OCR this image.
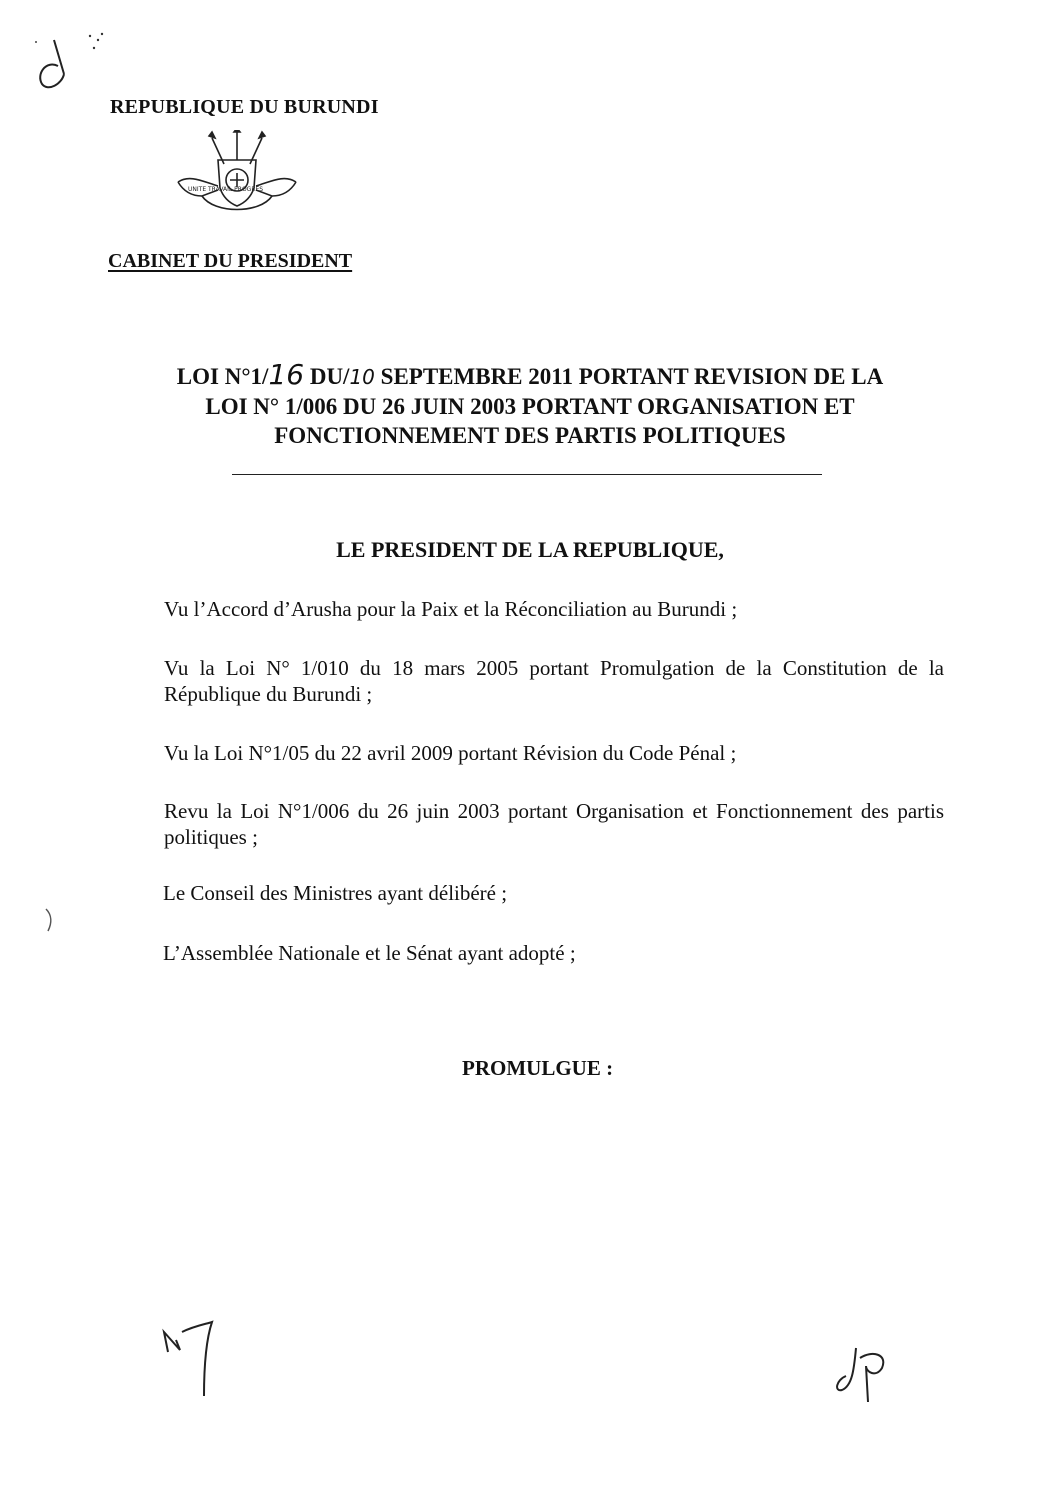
REPUBLIQUE DU BURUNDI
UNITE TRAVAIL PROGRES
CABINET DU PRESIDENT
LOI N°1/16 DU/10 SEPTEMBRE 2011 PORTANT REVISION DE LA
LOI N° 1/006 DU 26 JUIN 2003 PORTANT ORGANISATION ET
FONCTIONNEMENT DES PARTIS POLITIQUES
LE PRESIDENT DE LA REPUBLIQUE,
Vu l’Accord d’Arusha pour la Paix et la Réconciliation au Burundi ;
Vu la Loi N° 1/010 du 18 mars 2005 portant Promulgation de la Constitution de la République du Burundi ;
Vu la Loi N°1/05 du 22 avril 2009 portant Révision du Code Pénal ;
Revu la Loi N°1/006 du 26 juin 2003 portant Organisation et Fonctionnement des partis politiques ;
Le Conseil des Ministres ayant délibéré ;
L’Assemblée Nationale et le Sénat ayant adopté ;
PROMULGUE :
